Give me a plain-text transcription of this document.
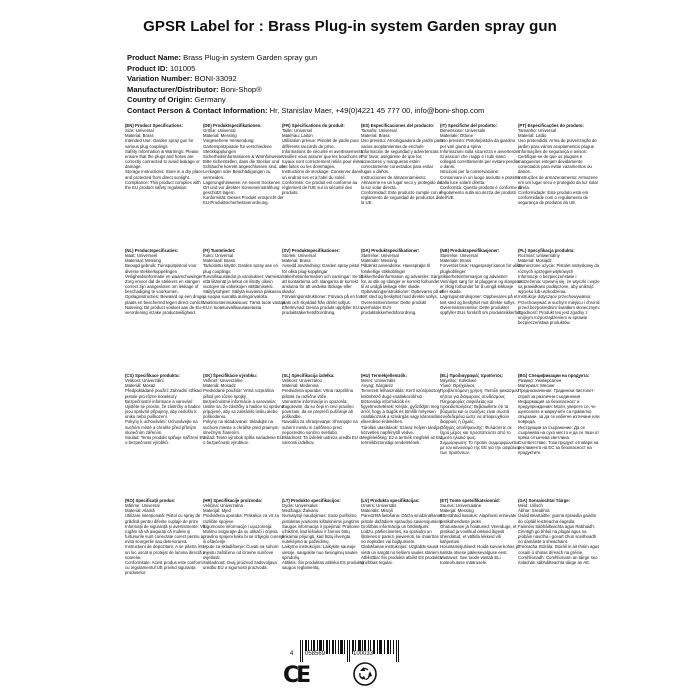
GPSR Label for : Brass Plug-in system Garden spray gun
Product Name: Brass Plug-in system Garden spray gun
Product ID: 101005
Variation Number: BONI-33092
Manufacturer/Distributor: Boni-Shop®
Country of Origin: Germany
Contact Person & Contact Information: Hr. Stanislav Maer, +49(0)4221 45 777 00, info@boni-shop.com
(EN) Product Specifications:
Size: Universal
Material: Brass
Intended Use: Garden spray gun for various plug couplings
Safety Information & Warnings: Please ensure that the plugs and hoses are correctly connected to avoid leakage or damage.
Storage Instructions: Store in a dry place and protected from direct sunlight.
Compliance: This product complies with the EU product safety regulation.
(DE) Produktspezifikationen:
Größe: Universal
Material: Messing
Vorgesehene Verwendung: Gartenspritzpistole für verschiedene Steckkupplungen
Sicherheitsinformationen & Warnhinweise: Bitte sicherstellen, dass die Stecker und Schläuche korrekt angeschlossen sind, um Leckagen oder Beschädigungen zu vermeiden.
Lagerungshinweise: An einem trockenen Ort und vor direkter Sonneneinstrahlung geschützt lagern.
Konformität: Dieses Produkt entspricht der EU-Produktsicherheitsverordnung.
(FR) Spécifications du produit:
Taille: Universel
Matériau: Laiton
Utilisation prévue: Pistolet de jardin pour différents raccords de prise.
Informations de sécurité et avertissements: Veuillez vous assurer que les bouchons et tuyaux sont correctement reliés pour éviter les fuites ou les dommages.
Instructions de stockage: Conserver dans un endroit sec et à l'abri du soleil.
Conformité: Ce produit est conforme au règlement de l'UE sur la sécurité des produits.
(ES) Especificaciones del producto:
Tamaño: Universal
Material: Brass
Uso previsto: Amortiguadora de jardín para varios acoplamientos de enchufe
Información de seguridad y advertencias: Por favor, asegúrese de que los conectores y mangueras estén correctamente conectados para evitar fugas o daños.
Instrucciones de almacenamiento: Almacene en un lugar seco y protegido de la luz solar directa.
Conformidad: Este producto cumple con el reglamento de seguridad de productos de la UE.
(IT) Specifiche del prodotto:
Dimensione: Universale
Materiale: Ottone
Uso previsto: Pistola/pistola da giardino per vari giunti a spina
Informazioni sulla sicurezza e avvertenze: Si assicuri che i tappi e i tubi siano collegati correttamente per evitare perdite o danni.
Istruzioni per la conservazione: Conservare in un luogo asciutto e protetto dalla luce solare diretta.
Conformità: Questo prodotto è conforme al regolamento sulla sicurezza dei prodotti dell'UE.
(PT) Especificações do produto:
Tamanho: Universal
Material: Latão
Uso pretendido: Arma de pulverização de jardim para vários acoplamentos plugue
Informações de segurança e avisos: Certifique-se de que os plugues e mangueiras estejam devidamente conectados para evitar vazamentos ou danos.
Instruções de armazenamento: Armazene em um lugar seco e protegido da luz solar direta.
Conformidade: Este produto está em conformidade com o regulamento de segurança de produtos da UE.
(NL) Productspecificaties:
Maat: Universeel
Materiaal: Messing
Beoogd gebruik: Tuinspuitpistool voor diverse stekkerkoppelingen
Veiligheidsinformatie en waarschuwingen: Zorg ervoor dat de stekkers en slangen correct zijn aangesloten om lekkage of beschadiging te voorkomen.
Opslaginstructies: Bewaard op een droge plaats en beschermd tegen direct zonlicht.
Naleving: Dit product voldoet aan de EU-verordening inzake productveiligheid.
(FI) Tuotetiedot:
Koko: Universal
Materiaali: Brass
Tarkoitettu käyttö: Garden spray ase eri plug couplings
Turvallisuustiedot ja varoitukset: Varmista että liitännät ja letkut on liitetty oikein vuotojen tai vahinkojen välttämiseksi.
Säilytysohjeet: Säilytä kuivassa paikassa ja suojaa suoralta auringonvalolta.
Vaatimustenmukaisuus: Tämä tuote vastaa EU:n tuoteturvallisuusasetusta.
(SV) Produktspecifikationer:
Storlek: Universal
Material: Brass
Avsedd användning: Garden spray pistol för olika plug-kopplingar
Säkerhetsinformation och varningar: Se till att kontakterna och slangarna är korrekt anslutna för att undvika läckage eller skador.
Förvaringsinstruktioner: Förvara på en torr plats och skyddad från direkt solljus.
Efterlevnad: Denna produkt uppfyller EU:s produktsäkerhetsförordning.
(DA) Produktspecifikationer:
Størrelse: Universal
Materiale: Messing
Påtænkt anvendelse: Havesprøjte til forskellige stikkoblinger
Sikkerhedsinformation og advarsler: Sørg for, at stik og slanger er korrekt forbundet til at undgå lækage eller skade.
Opbevaringsinstruktioner: Opbevares på et tørt sted og beskyttet mod direkte sollys.
Overensstemmelse: Dette produkt overholder EU's produktsikkerhedsforordning.
(NB) Produktspesifikasjoner:
Størrelse: Universal
Materiale: Brass
Forventet bruk: Hagesprøyt kanon for ulike plugkoblinger
Sikkerhetsinformasjon og advarsler: Vennligst sørg for at pluggene og slangene er riktig forbundet for å unngå lekkasje eller skade.
Lagringsinstruksjoner: Oppbevares på et tørt sted og beskyttet mot direkte sollys.
Overensstemmelse: Dette produktet oppfyller EUs forskrift om produktsikkerhet.
(PL) Specyfikacja produktu:
Rozmiar: Uniwersalny
Materiał: Mosiądz
Zamierzone użycie: Pistolet natryskowy do różnych sprzęgieł wtykowych
Informacje o bezpieczeństwie i ostrzeżenia: Upewnij się, że wtyczki i węże są prawidłowo podłączone, aby uniknąć wycieku lub uszkodzenia.
Instrukcje dotyczące przechowywania: Przechowywać w suchym miejscu i chronić przed bezpośrednim światłem słonecznym.
Zgodność: Produkt ten jest zgodny z unijnym rozporządzeniem w sprawie bezpieczeństwa produktów.
(CS) Specifikace produktu:
Velikost: Univerzální
Materiál: Mosaz
Předpokládané použití: Zahradní stříkací pistole pro různé konektory
Bezpečnostní informace a varování: Ujistěte se prosím, že zástrčky a hadice jsou správně připojeny, aby nedošlo k úniku nebo poškození.
Pokyny k uchovávání: Uchovávejte na suchém místě a chraňte před přímým slunečním zářením.
Soulad: Tento produkt splňuje nařízení EU o bezpečnosti výrobků.
(SK) Špecifikácie výrobku:
Veľkosť: Univerzálne
Materiál: Mosadz
Predvídané použitie: Vrtná rozprášna pištoľ pre rôzne spojky
Bezpečnostné informácie a varovania: Uistite sa, že zástrčky a hadice sú správne pripojené, aby sa zabránilo úniku alebo poškodeniu.
Pokyny na skladovanie: Skladujte na suchom mieste a chráňte pred priamym slnečným žiarením.
Súlad: Tento výrobok spĺňa nariadenie EÚ o bezpečnosti výrobkov.
(SL) Specifikacija izdelka:
Velikost: Univerzalno
Material: Medenina
Predvidena uporaba: Vrtna razpršilna pištola za različne vtiče
Varnostne informacije in opozorila: Zagotovite, da so čepi in cevi pravilno povezani, da se prepreči puščanje ali poškodbe.
Navodila za shranjevanje: Shranjujte na suhem mestu in zaščiteno pred neposredno sončno svetlobo.
Skladnost: Ta izdelek ustreza uredbi EU o varnosti izdelkov.
(HU) Termékjellemzők:
Méret: Univerzális
Anyag: Sárgaréz
Tervezett felhasználás: Kerti szórópisztoly különböző dugó-csatlakozókhoz
Biztonsági információk és figyelmeztetések: Kérjük, győződjön meg arról, hogy a dugók és tömlők helyesen csatlakoznak a szivárgás vagy károsodás elkerülése érdekében.
Tárolási utasítások: Száraz helyen tárolja, közvetlen napfénytől védve.
Megfelelőség: Ez a termék megfelel az EU termékbiztonsági rendeletének.
(EL) Προδιαγραφές προϊόντος:
Μέγεθος: Καθολικό
Υλικό: Ορείχαλκος
Προβλεπόμενη χρήση: Πιστόλι ψεκασμού κήπου για διάφορους συνδέσμους
Πληροφορίες ασφαλείας και προειδοποιήσεις: Βεβαιωθείτε ότι τα βύσματα και οι σωλήνες είναι σωστά συνδεδεμένα ώστε να αποφευχθούν διαρροές ή ζημιές.
Οδηγίες αποθήκευσης: Φυλάσσετε σε ξηρό μέρος και προστατεύστε από το άμεσο ηλιακό φως.
Συμμόρφωση: Το προϊόν συμμορφώνεται με τον κανονισμό της ΕΕ για την ασφάλεια των προϊόντων.
(BG) Спецификации на продукта:
Размер: Универсален
Материал: Месинг
Предназначение: Градински пистолет-спрей за различни съединения
Информация за безопасност и предупреждения: Моля, уверете се, че щепселите и маркучите са правилно свързани, за да се избегне изтичане или повреда.
Инструкции за съхранение: Да се съхранява на сухо място и да се пази от пряка слънчева светлина.
Съответствие: Този продукт отговаря на регламента на ЕС за безопасност на продуктите.
(RO) Specificații produs:
Mărime: Universal
Material: Alamă
Utilizare intenționată: Pistol cu spray de grădină pentru diferite cuplaje de prize
Informații de siguranță și avertismente: Vă rugăm să vă asigurați că mufele și furtunurile sunt conectate corect pentru a evita scurgerile sau deteriorarea.
Instrucțiuni de depozitare: A se păstra într-un loc uscat și protejat de lumina directă a soarelui.
Conformitate: Acest produs este conform cu regulamentul UE privind siguranța produselor.
(HR) Specifikacije proizvoda:
Veličina: Univerzalna
Materijal: Mjed
Predviđena uporaba: Prskalica za vrt za različite spojeve
Sigurnosne informacije i upozorenja: Molimo osigurajte da su utikači i crijeva pravilno spojeni kako bi se izbjeglo curenje ili oštećenje.
Upute za skladištenje: Čuvati na suhom mjestu zaštićeno od izravne sunčeve svjetlosti.
Sukladnost: Ovaj proizvod zadovoljava uredbu EU o sigurnosti proizvoda.
(LT) Produkto specifikacijos:
Dydis: Universalus
Medžiaga: Žalvaris
Numatytoji naudojimas: Sodo purškimo pistoletas įvairioms kištukinėms jungtims
Saugos informacija ir įspėjimai: Prašome užtikrinti, kad kištukai ir žarnos būtų tinkamai prijungti, kad būtų išvengta nutekėjimo ar pažeidimų.
Laikymo instrukcijos: Laikykite sausoje vietoje, saugokite nuo tiesioginių saulės spindulių.
Atitiktis: Šis produktas atitinka ES produktų saugos reglamentą.
(LV) Produkta specifikācijas:
Izmērs: Universāls
Materiāls: Misiņš
Paredzētā lietošana: Dārza smidzināšanas pistole dažādiem spraudņu savienojumiem
Drošības informācija un brīdinājumi: Lūdzu, pārliecinieties, ka spraudņi un šļūtenes ir pareizi pievienoti, lai izvairītos no noplūdes vai bojājumiem.
Glabāšanas instrukcijas: Uzglabāt sausā vietā un sargāt no tiešiem saules stariem.
Atbilstība: Šis produkts atbilst ES produktu drošības regulai.
(ET) Toote spetsifikatsioonid:
Suurus: Universaalne
Materjal: Messing
Ettenähtud kasutus: Aiapihusti erinevate pistikühenduste jaoks
Ohutusteave ja hoiatused: Veenduge, et pistikud ja voolikud oleksid õigesti ühendatud, et vältida lekkeid või kahjustusi.
Hoiustamisjuhised: Hoida kuivas kohas ja kaitsta otsese päikesevalguse eest.
Vastavus: See toode vastab ELi tooteohutuse määrusele.
(GA) Sonraíochtaí Táirge:
Méid: Uilíoch
Ábhar: Sreabhra
Úsáid Beartaithe: gunna spraeála gairdín do cúpláil leictreacha éagsúla
Faisnéis Sábháilteachta agus Rabhaidh: Cinntigh go bhfuil na plugaí agus na píobáin nasctha i gceart chun sceitheadh nó damáiste a sheachaint.
Treoracha Stórála: Stóráil in áit thirim agus cosain ó sholas díreach na gréine.
Comhlíonadh: Comhlíonann an táirge seo rialachán sábháilteachta táirge an AE.
4 058569	100033
CE
